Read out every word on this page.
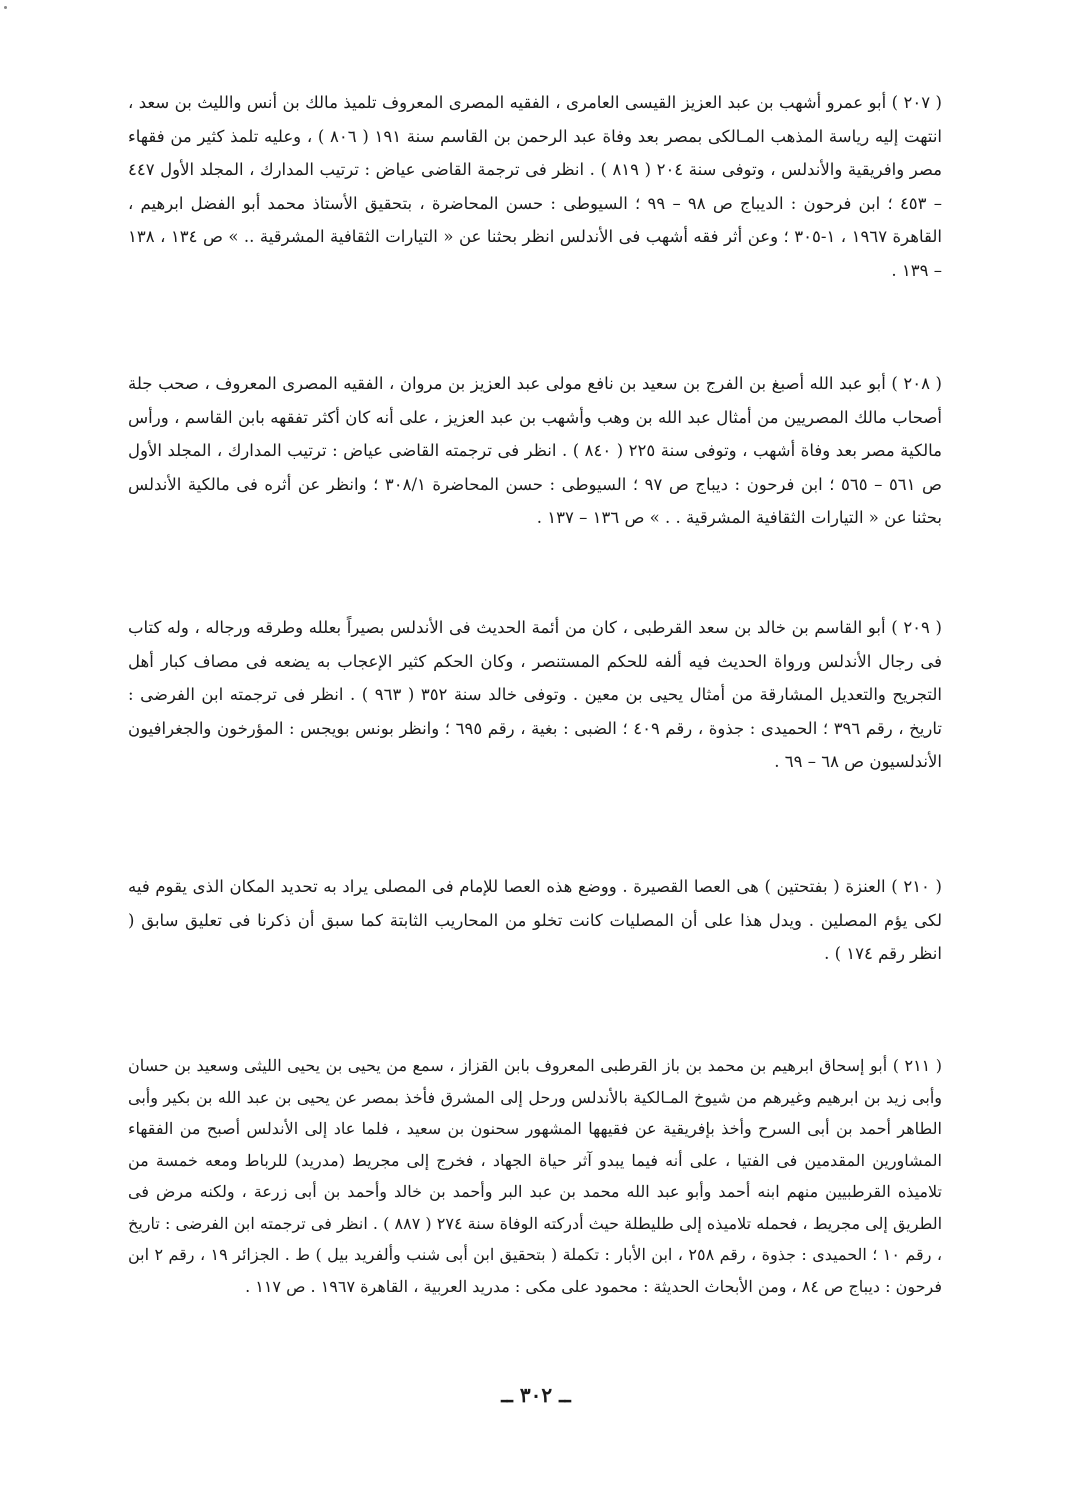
( ٢٠٧ ) أبو عمرو أشهب بن عبد العزيز القيسى العامرى ، الفقيه المصرى المعروف تلميذ مالك بن أنس والليث بن سعد ، انتهت إليه رياسة المذهب المـالكى بمصر بعد وفاة عبد الرحمن بن القاسم سنة ١٩١ ( ٨٠٦ ) ، وعليه تلمذ كثير من فقهاء مصر وافريقية والأندلس ، وتوفى سنة ٢٠٤ ( ٨١٩ ) . انظر فى ترجمة القاضى عياض : ترتيب المدارك ، المجلد الأول ٤٤٧ – ٤٥٣ ؛ ابن فرحون : الديباج ص ٩٨ – ٩٩ ؛ السيوطى : حسن المحاضرة ، بتحقيق الأستاذ محمد أبو الفضل ابرهيم ، القاهرة ١٩٦٧ ، ١-٣٠٥ ؛ وعن أثر فقه أشهب فى الأندلس انظر بحثنا عن « التيارات الثقافية المشرقية .. » ص ١٣٤ ، ١٣٨ – ١٣٩ .

( ٢٠٨ ) أبو عبد الله أصبغ بن الفرج بن سعيد بن نافع مولى عبد العزيز بن مروان ، الفقيه المصرى المعروف ، صحب جلة أصحاب مالك المصريين من أمثال عبد الله بن وهب وأشهب بن عبد العزيز ، على أنه كان أكثر تفقهه بابن القاسم ، ورأس مالكية مصر بعد وفاة أشهب ، وتوفى سنة ٢٢٥ ( ٨٤٠ ) . انظر فى ترجمته القاضى عياض : ترتيب المدارك ، المجلد الأول ص ٥٦١ – ٥٦٥ ؛ ابن فرحون : ديباج ص ٩٧ ؛ السيوطى : حسن المحاضرة ٣٠٨/١ ؛ وانظر عن أثره فى مالكية الأندلس بحثنا عن « التيارات الثقافية المشرقية . . » ص ١٣٦ – ١٣٧ .

( ٢٠٩ ) أبو القاسم بن خالد بن سعد القرطبى ، كان من أئمة الحديث فى الأندلس بصيراً بعلله وطرقه ورجاله ، وله كتاب فى رجال الأندلس ورواة الحديث فيه ألفه للحكم المستنصر ، وكان الحكم كثير الإعجاب به يضعه فى مصاف كبار أهل التجريح والتعديل المشارقة من أمثال يحيى بن معين . وتوفى خالد سنة ٣٥٢ ( ٩٦٣ ) . انظر فى ترجمته ابن الفرضى : تاريخ ، رقم ٣٩٦ ؛ الحميدى : جذوة ، رقم ٤٠٩ ؛ الضبى : بغية ، رقم ٦٩٥ ؛ وانظر بونس بويجس : المؤرخون والجغرافيون الأندلسيون ص ٦٨ – ٦٩ .

( ٢١٠ ) العنزة ( بفتحتين ) هى العصا القصيرة . ووضع هذه العصا للإمام فى المصلى يراد به تحديد المكان الذى يقوم فيه لكى يؤم المصلين . ويدل هذا على أن المصليات كانت تخلو من المحاريب الثابتة كما سبق أن ذكرنا فى تعليق سابق ( انظر رقم ١٧٤ ) .

( ٢١١ ) أبو إسحاق ابرهيم بن محمد بن باز القرطبى المعروف بابن القزاز ، سمع من يحيى بن يحيى الليثى وسعيد بن حسان وأبى زيد بن ابرهيم وغيرهم من شيوخ المـالكية بالأندلس ورحل إلى المشرق فأخذ بمصر عن يحيى بن عبد الله بن بكير وأبى الطاهر أحمد بن أبى السرح وأخذ بإفريقية عن فقيهها المشهور سحنون بن سعيد ، فلما عاد إلى الأندلس أصبح من الفقهاء المشاورين المقدمين فى الفتيا ، على أنه فيما يبدو آثر حياة الجهاد ، فخرج إلى مجريط (مدريد) للرباط ومعه خمسة من تلاميذه القرطبيين منهم ابنه أحمد وأبو عبد الله محمد بن عبد البر وأحمد بن خالد وأحمد بن أبى زرعة ، ولكنه مرض فى الطريق إلى مجريط ، فحمله تلاميذه إلى طليطلة حيث أدركته الوفاة سنة ٢٧٤ ( ٨٨٧ ) . انظر فى ترجمته ابن الفرضى : تاريخ ، رقم ١٠ ؛ الحميدى : جذوة ، رقم ٢٥٨ ، ابن الأبار : تكملة ( بتحقيق ابن أبى شنب وألفريد بيل ) ط . الجزائر ١٩ ، رقم ٢ ابن فرحون : ديباج ص ٨٤ ، ومن الأبحاث الحديثة : محمود على مكى : مدريد العربية ، القاهرة ١٩٦٧ . ص ١١٧ .

ــ ٣٠٢ ــ
